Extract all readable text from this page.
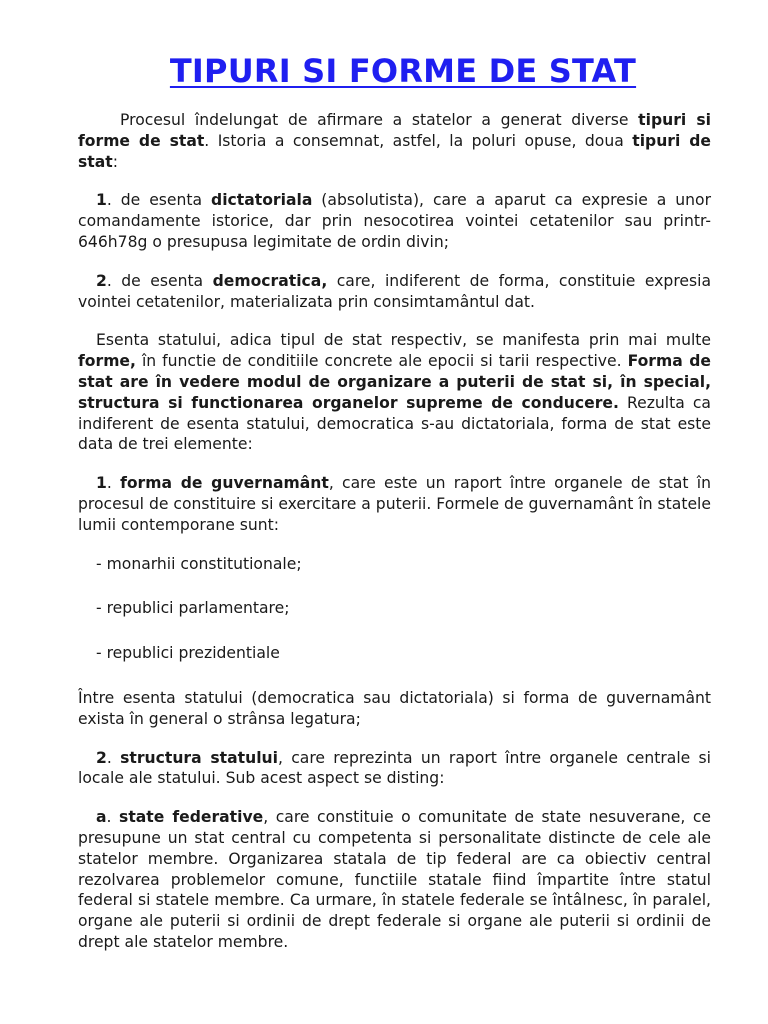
TIPURI SI FORME DE STAT

Procesul îndelungat de afirmare a statelor a generat diverse tipuri si forme de stat. Istoria a consemnat, astfel, la poluri opuse, doua tipuri de stat:

1. de esenta dictatoriala (absolutista), care a aparut ca expresie a unor comandamente istorice, dar prin nesocotirea vointei cetatenilor sau printr- 646h78g o presupusa legimitate de ordin divin;

2. de esenta democratica, care, indiferent de forma, constituie expresia vointei cetatenilor, materializata prin consimtamântul dat.

Esenta statului, adica tipul de stat respectiv, se manifesta prin mai multe forme, în functie de conditiile concrete ale epocii si tarii respective. Forma de stat are în vedere modul de organizare a puterii de stat si, în special, structura si functionarea organelor supreme de conducere. Rezulta ca indiferent de esenta statului, democratica s-au dictatoriala, forma de stat este data de trei elemente:

1. forma de guvernamânt, care este un raport între organele de stat în procesul de constituire si exercitare a puterii. Formele de guvernamânt în statele lumii contemporane sunt:

- monarhii constitutionale;

- republici parlamentare;

- republici prezidentiale

Între esenta statului (democratica sau dictatoriala) si forma de guvernamânt exista în general o strânsa legatura;

2. structura statului, care reprezinta un raport între organele centrale si locale ale statului. Sub acest aspect se disting:

a. state federative, care constituie o comunitate de state nesuverane, ce presupune un stat central cu competenta si personalitate distincte de cele ale statelor membre. Organizarea statala de tip federal are ca obiectiv central rezolvarea problemelor comune, functiile statale fiind împartite între statul federal si statele membre. Ca urmare, în statele federale se întâlnesc, în paralel, organe ale puterii si ordinii de drept federale si organe ale puterii si ordinii de drept ale statelor membre.
